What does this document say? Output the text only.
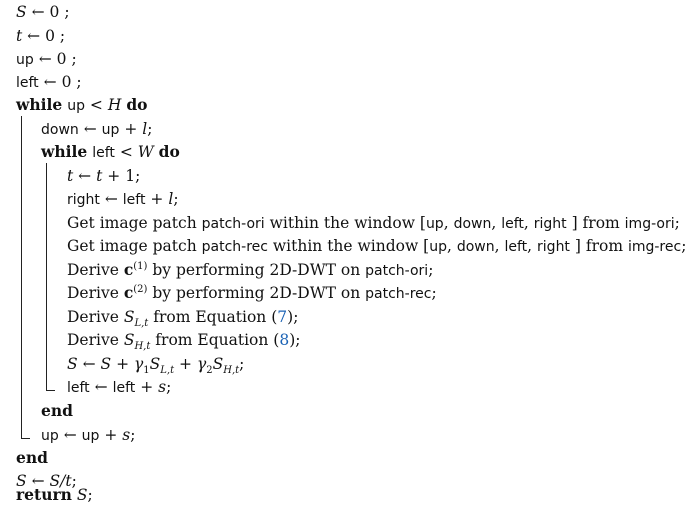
S ← 0 ;
t ← 0 ;
up ← 0 ;
left ← 0 ;
while up < H do
down ← up + l;
while left < W do
t ← t + 1;
right ← left + l;
Get image patch patch-ori within the window [up, down, left, right ] from img-ori;
Get image patch patch-rec within the window [up, down, left, right ] from img-rec;
Derive $c^{(1)}$ by performing 2D-DWT on patch-ori;
Derive $c^{(2)}$ by performing 2D-DWT on patch-rec;
Derive $S_{L,t}$ from Equation (7);
Derive $S_{H,t}$ from Equation (8);
S ← $S + \gamma_1S_{L,t} + \gamma_2S_{H,t}$;
left ← left + s;
end
up ← up + s;
end
S ← S/t;
return S;
